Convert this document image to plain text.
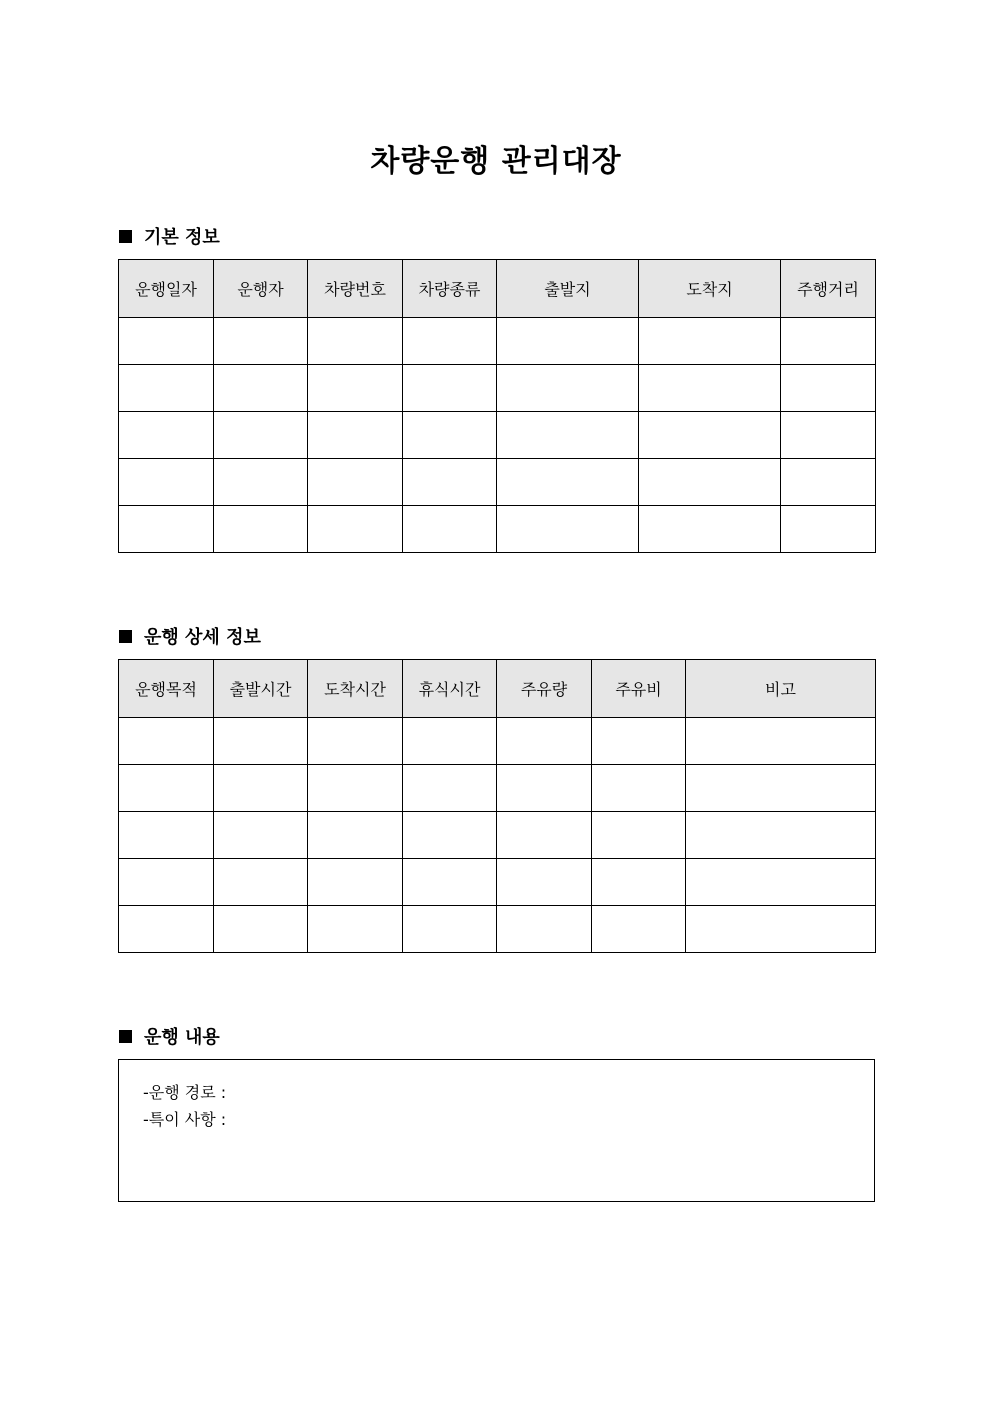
차량운행 관리대장
기본 정보
운행일자	운행자	차량번호	차량종류	출발지	도착지	주행거리

운행 상세 정보
운행목적	출발시간	도착시간	휴식시간	주유량	주유비	비고

운행 내용
-운행 경로 :
-특이 사항 :
